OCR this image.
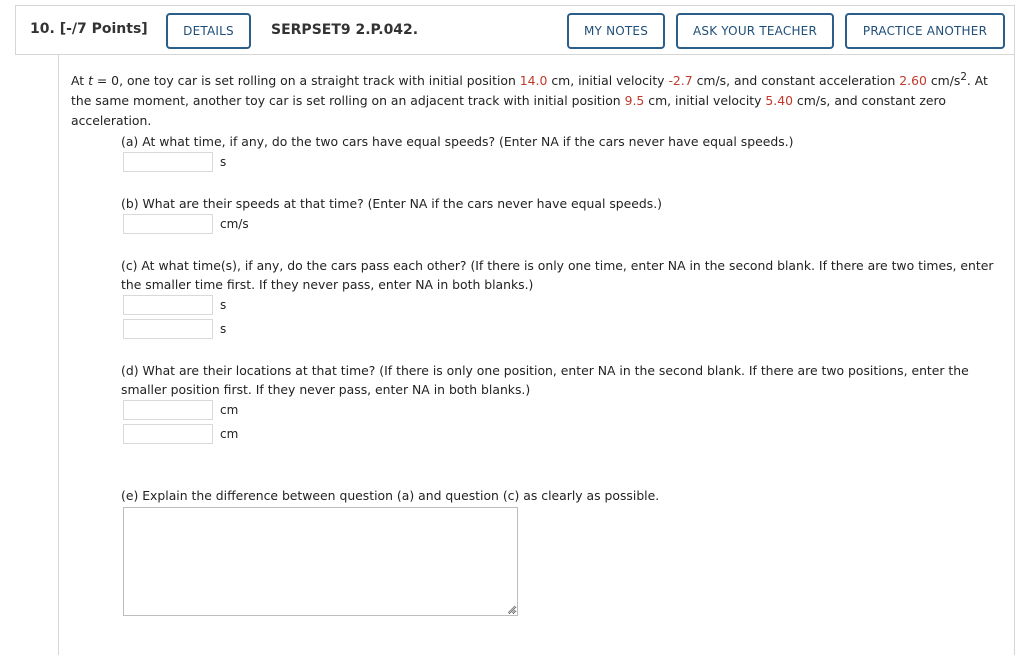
10. [-/7 Points]	DETAILS	SERPSET9 2.P.042.	MY NOTES	ASK YOUR TEACHER	PRACTICE ANOTHER
At t = 0, one toy car is set rolling on a straight track with initial position 14.0 cm, initial velocity -2.7 cm/s, and constant acceleration 2.60 $cm/s^2$. At the same moment, another toy car is set rolling on an adjacent track with initial position 9.5 cm, initial velocity 5.40 cm/s, and constant zero acceleration.
(a) At what time, if any, do the two cars have equal speeds? (Enter NA if the cars never have equal speeds.)
s
(b) What are their speeds at that time? (Enter NA if the cars never have equal speeds.)
cm/s
(c) At what time(s), if any, do the cars pass each other? (If there is only one time, enter NA in the second blank. If there are two times, enter the smaller time first. If they never pass, enter NA in both blanks.)
s
s
(d) What are their locations at that time? (If there is only one position, enter NA in the second blank. If there are two positions, enter the smaller position first. If they never pass, enter NA in both blanks.)
cm
cm
(e) Explain the difference between question (a) and question (c) as clearly as possible.
